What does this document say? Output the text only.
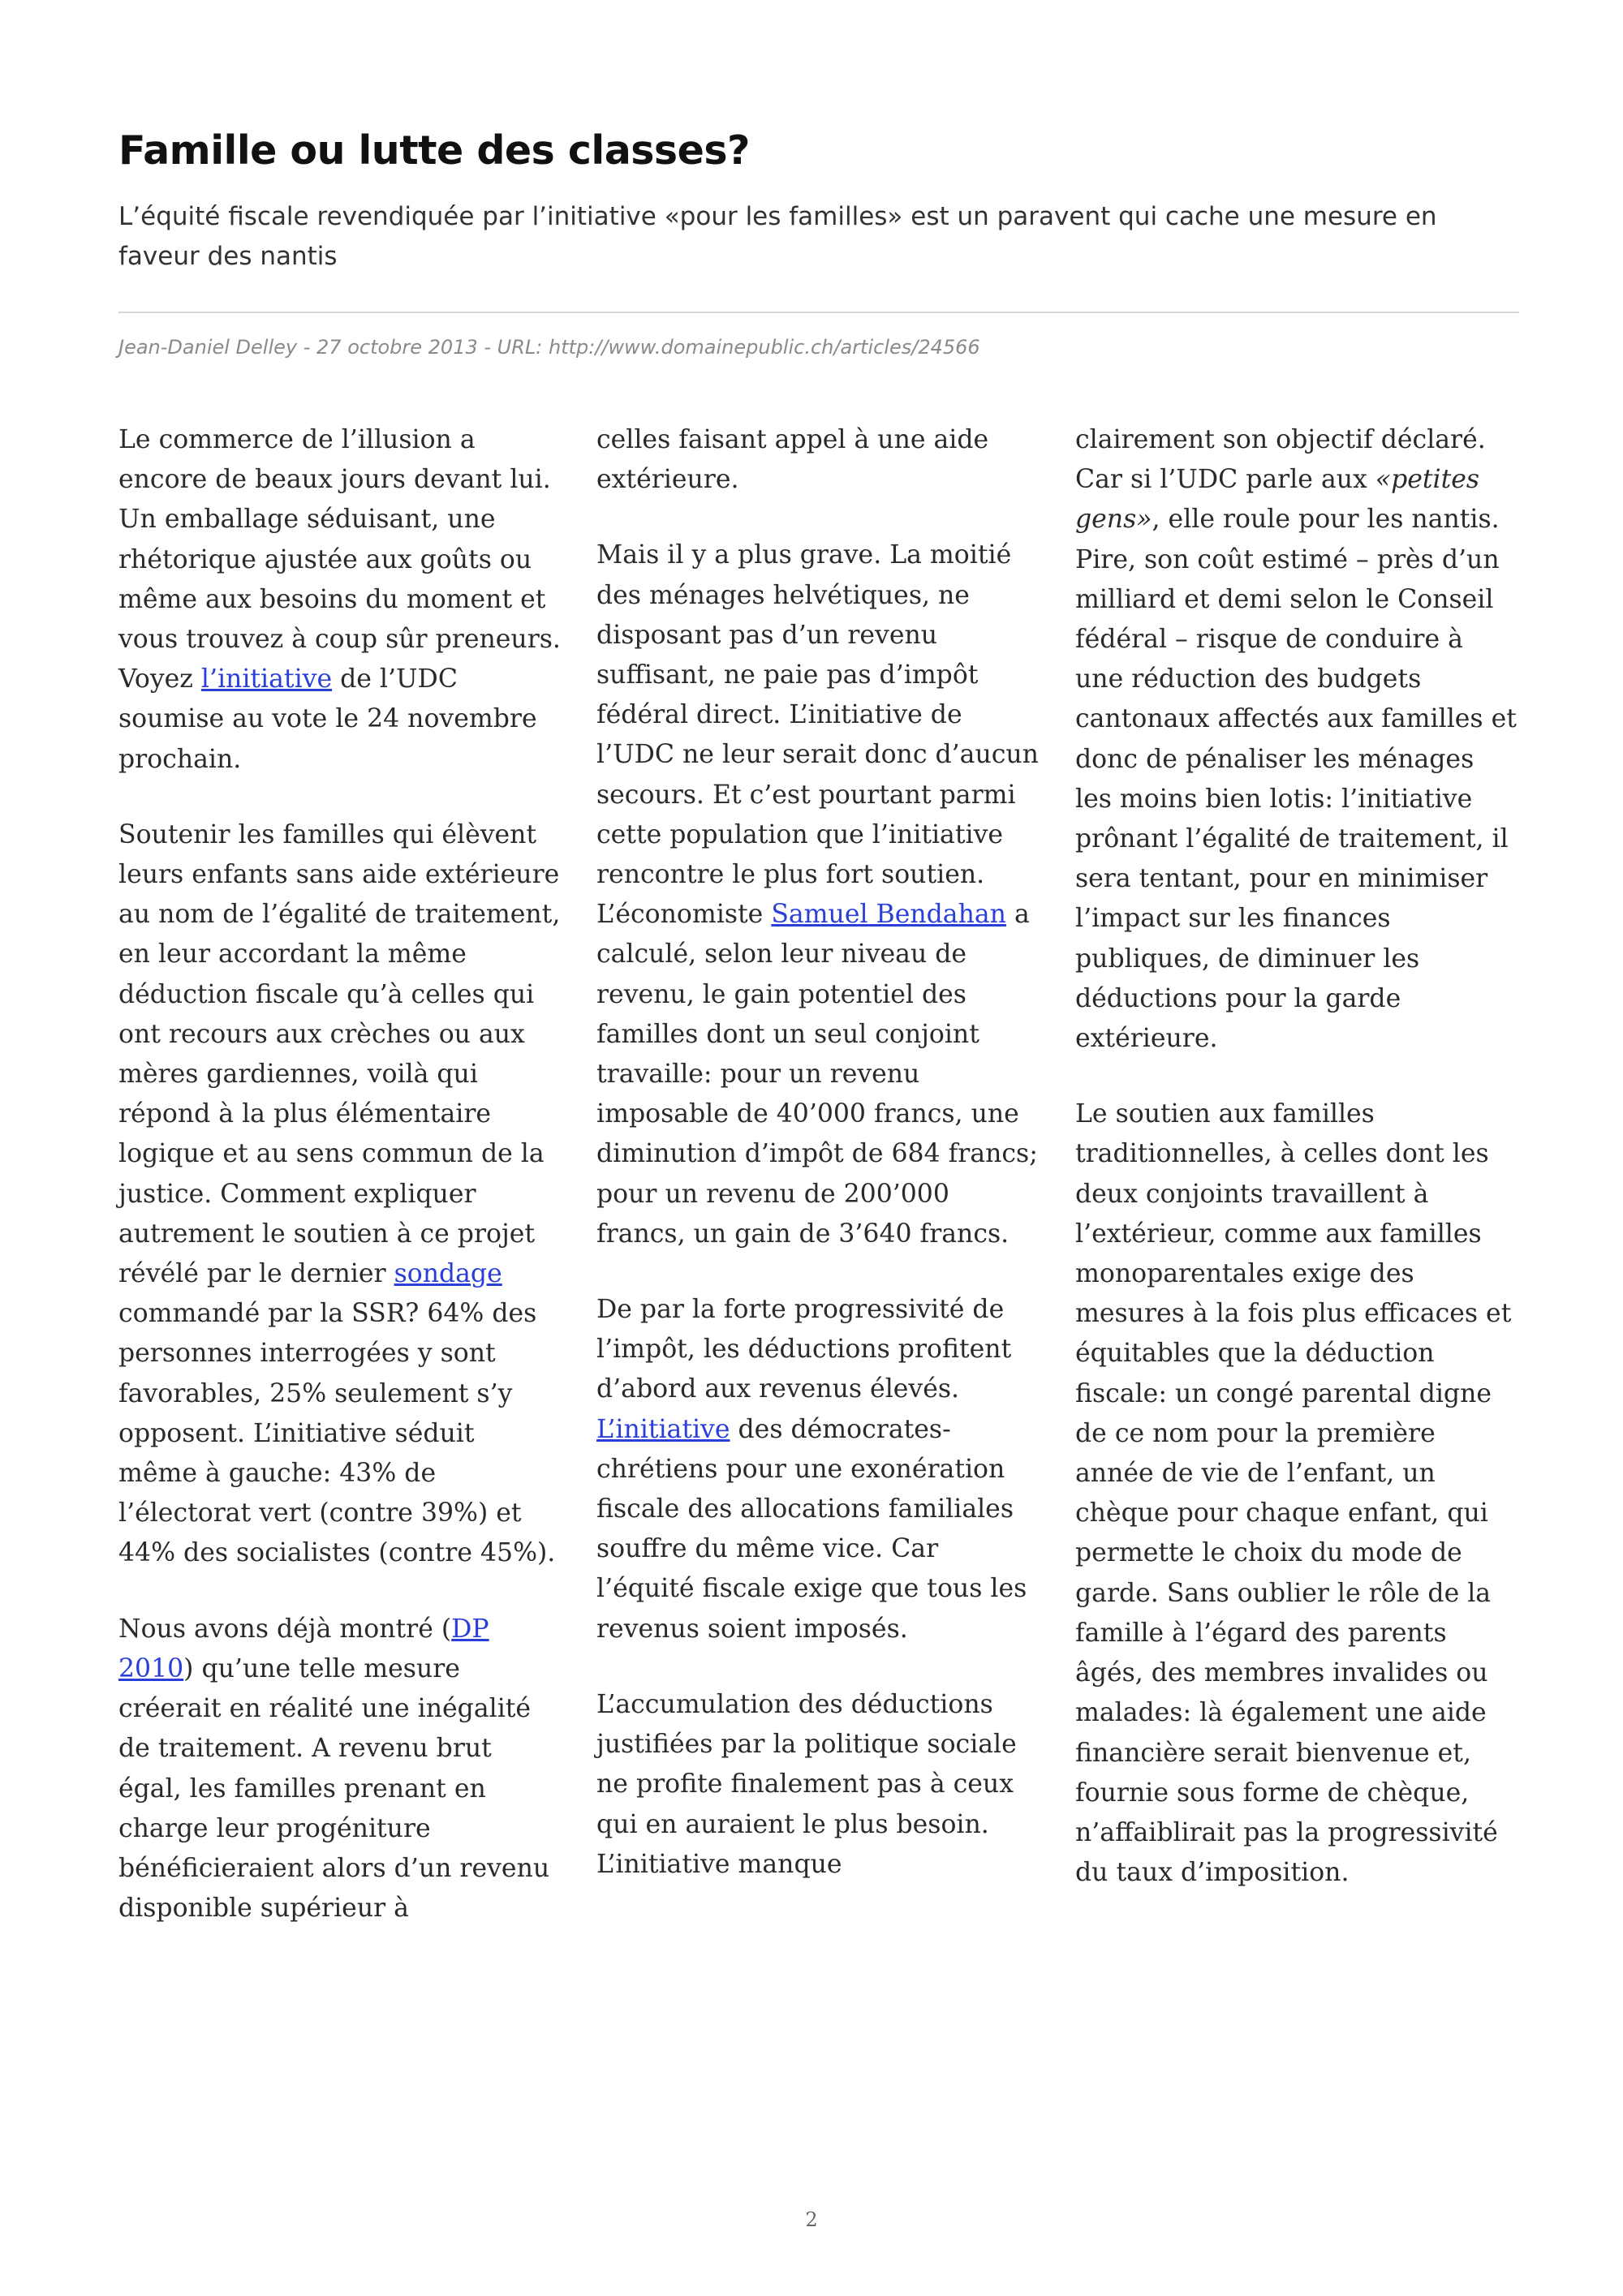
Famille ou lutte des classes?

L’équité fiscale revendiquée par l’initiative «pour les familles» est un paravent qui cache une mesure en faveur des nantis

Jean-Daniel Delley - 27 octobre 2013 - URL: http://www.domainepublic.ch/articles/24566

Le commerce de l’illusion a encore de beaux jours devant lui. Un emballage séduisant, une rhétorique ajustée aux goûts ou même aux besoins du moment et vous trouvez à coup sûr preneurs. Voyez l’initiative de l’UDC soumise au vote le 24 novembre prochain.

Soutenir les familles qui élèvent leurs enfants sans aide extérieure au nom de l’égalité de traitement, en leur accordant la même déduction fiscale qu’à celles qui ont recours aux crèches ou aux mères gardiennes, voilà qui répond à la plus élémentaire logique et au sens commun de la justice. Comment expliquer autrement le soutien à ce projet révélé par le dernier sondage commandé par la SSR? 64% des personnes interrogées y sont favorables, 25% seulement s’y opposent. L’initiative séduit même à gauche: 43% de l’électorat vert (contre 39%) et 44% des socialistes (contre 45%).

Nous avons déjà montré (DP 2010) qu’une telle mesure créerait en réalité une inégalité de traitement. A revenu brut égal, les familles prenant en charge leur progéniture bénéficieraient alors d’un revenu disponible supérieur à

celles faisant appel à une aide extérieure.

Mais il y a plus grave. La moitié des ménages helvétiques, ne disposant pas d’un revenu suffisant, ne paie pas d’impôt fédéral direct. L’initiative de l’UDC ne leur serait donc d’aucun secours. Et c’est pourtant parmi cette population que l’initiative rencontre le plus fort soutien. L’économiste Samuel Bendahan a calculé, selon leur niveau de revenu, le gain potentiel des familles dont un seul conjoint travaille: pour un revenu imposable de 40’000 francs, une diminution d’impôt de 684 francs; pour un revenu de 200’000 francs, un gain de 3’640 francs.

De par la forte progressivité de l’impôt, les déductions profitent d’abord aux revenus élevés. L’initiative des démocrates-chrétiens pour une exonération fiscale des allocations familiales souffre du même vice. Car l’équité fiscale exige que tous les revenus soient imposés.

L’accumulation des déductions justifiées par la politique sociale ne profite finalement pas à ceux qui en auraient le plus besoin. L’initiative manque

clairement son objectif déclaré. Car si l’UDC parle aux «petites gens», elle roule pour les nantis. Pire, son coût estimé – près d’un milliard et demi selon le Conseil fédéral – risque de conduire à une réduction des budgets cantonaux affectés aux familles et donc de pénaliser les ménages les moins bien lotis: l’initiative prônant l’égalité de traitement, il sera tentant, pour en minimiser l’impact sur les finances publiques, de diminuer les déductions pour la garde extérieure.

Le soutien aux familles traditionnelles, à celles dont les deux conjoints travaillent à l’extérieur, comme aux familles monoparentales exige des mesures à la fois plus efficaces et équitables que la déduction fiscale: un congé parental digne de ce nom pour la première année de vie de l’enfant, un chèque pour chaque enfant, qui permette le choix du mode de garde. Sans oublier le rôle de la famille à l’égard des parents âgés, des membres invalides ou malades: là également une aide financière serait bienvenue et, fournie sous forme de chèque, n’affaiblirait pas la progressivité du taux d’imposition.

2
